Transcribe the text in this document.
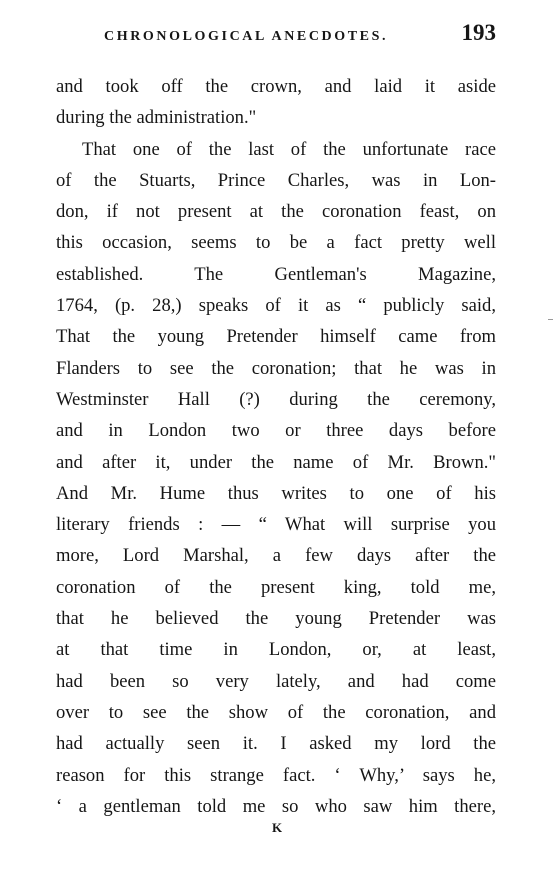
CHRONOLOGICAL ANECDOTES.	193
and took off the crown, and laid it aside
during the administration."
That one of the last of the unfortunate race
of the Stuarts, Prince Charles, was in Lon-
don, if not present at the coronation feast, on
this occasion, seems to be a fact pretty well
established. The Gentleman's Magazine,
1764, (p. 28,) speaks of it as “ publicly said,
That the young Pretender himself came from
Flanders to see the coronation; that he was in
Westminster Hall (?) during the ceremony,
and in London two or three days before
and after it, under the name of Mr. Brown."
And Mr. Hume thus writes to one of his
literary friends : — “ What will surprise you
more, Lord Marshal, a few days after the
coronation of the present king, told me,
that he believed the young Pretender was
at that time in London, or, at least,
had been so very lately, and had come
over to see the show of the coronation, and
had actually seen it. I asked my lord the
reason for this strange fact. ‘ Why,’ says he,
‘ a gentleman told me so who saw him there,
K
